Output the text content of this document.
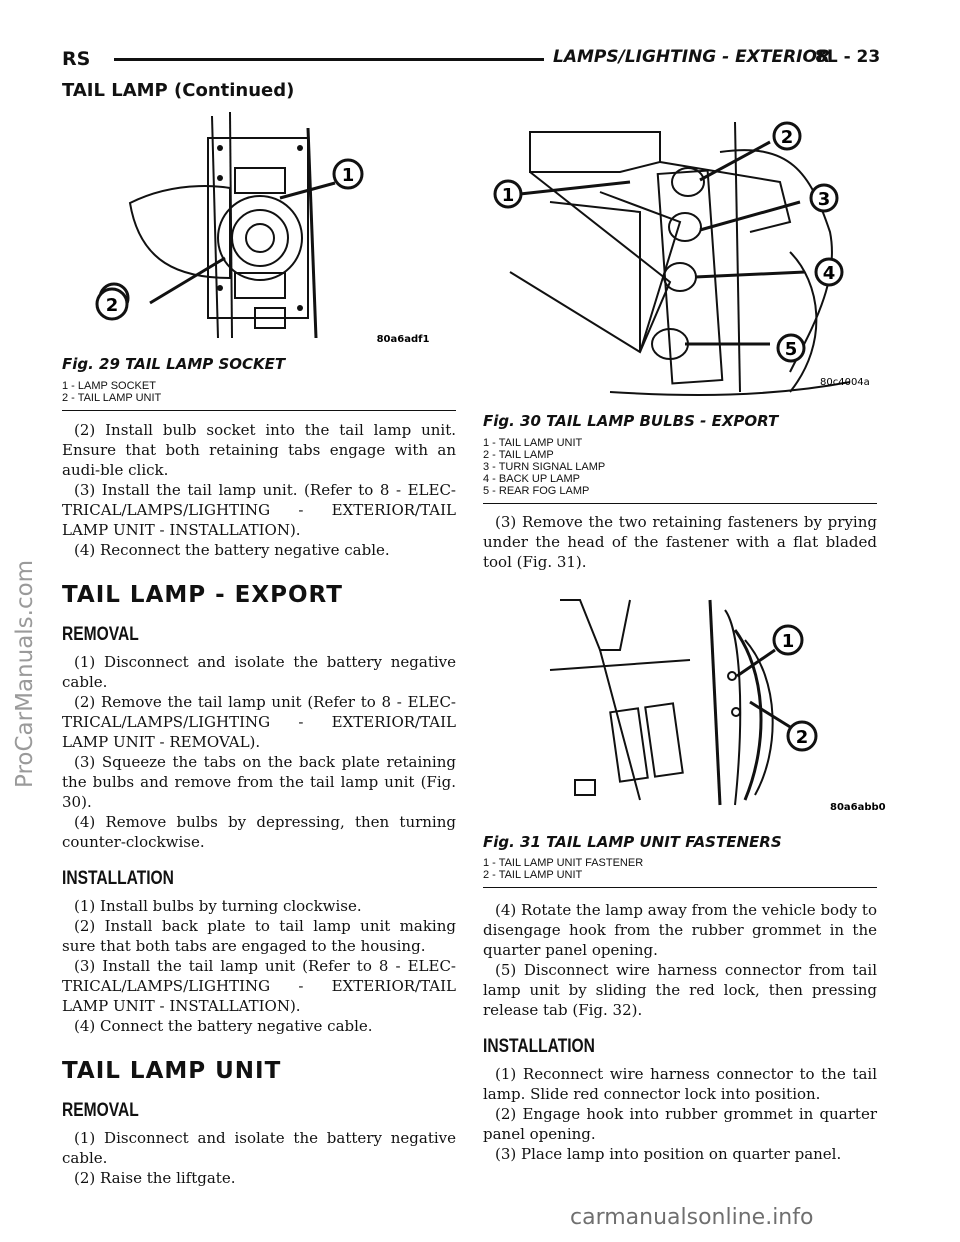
RS	LAMPS/LIGHTING - EXTERIOR
8L - 23
TAIL LAMP (Continued)
1
80a6adf1
2
Fig. 29 TAIL LAMP SOCKET
1 - LAMP SOCKET
2 - TAIL LAMP UNIT
1
2
3
4
5
80c4004a
Fig. 30 TAIL LAMP BULBS - EXPORT
1 - TAIL LAMP UNIT
2 - TAIL LAMP
3 - TURN SIGNAL LAMP
4 - BACK UP LAMP
5 - REAR FOG LAMP
1
2
80a6abb0
Fig. 31 TAIL LAMP UNIT FASTENERS
1 - TAIL LAMP UNIT FASTENER
2 - TAIL LAMP UNIT

(2) Install bulb socket into the tail lamp unit. Ensure that both retaining tabs engage with an audi-ble click.

(3) Install the tail lamp unit. (Refer to 8 - ELEC-TRICAL/LAMPS/LIGHTING - EXTERIOR/TAIL LAMP UNIT - INSTALLATION).

(4) Reconnect the battery negative cable.

TAIL LAMP - EXPORT
REMOVAL

(1) Disconnect and isolate the battery negative cable.

(2) Remove the tail lamp unit (Refer to 8 - ELEC-TRICAL/LAMPS/LIGHTING - EXTERIOR/TAIL LAMP UNIT - REMOVAL).

(3) Squeeze the tabs on the back plate retaining the bulbs and remove from the tail lamp unit (Fig. 30).

(4) Remove bulbs by depressing, then turning counter-clockwise.

INSTALLATION

(1) Install bulbs by turning clockwise.

(2) Install back plate to tail lamp unit making sure that both tabs are engaged to the housing.

(3) Install the tail lamp unit (Refer to 8 - ELEC-TRICAL/LAMPS/LIGHTING - EXTERIOR/TAIL LAMP UNIT - INSTALLATION).

(4) Connect the battery negative cable.

TAIL LAMP UNIT
REMOVAL

(1) Disconnect and isolate the battery negative cable.

(2) Raise the liftgate.

(3) Remove the two retaining fasteners by prying under the head of the fastener with a flat bladed tool (Fig. 31).

(4) Rotate the lamp away from the vehicle body to disengage hook from the rubber grommet in the quarter panel opening.

(5) Disconnect wire harness connector from tail lamp unit by sliding the red lock, then pressing release tab (Fig. 32).

INSTALLATION

(1) Reconnect wire harness connector to the tail lamp. Slide red connector lock into position.

(2) Engage hook into rubber grommet in quarter panel opening.

(3) Place lamp into position on quarter panel.

ProCarManuals.com
carmanualsonline.info
